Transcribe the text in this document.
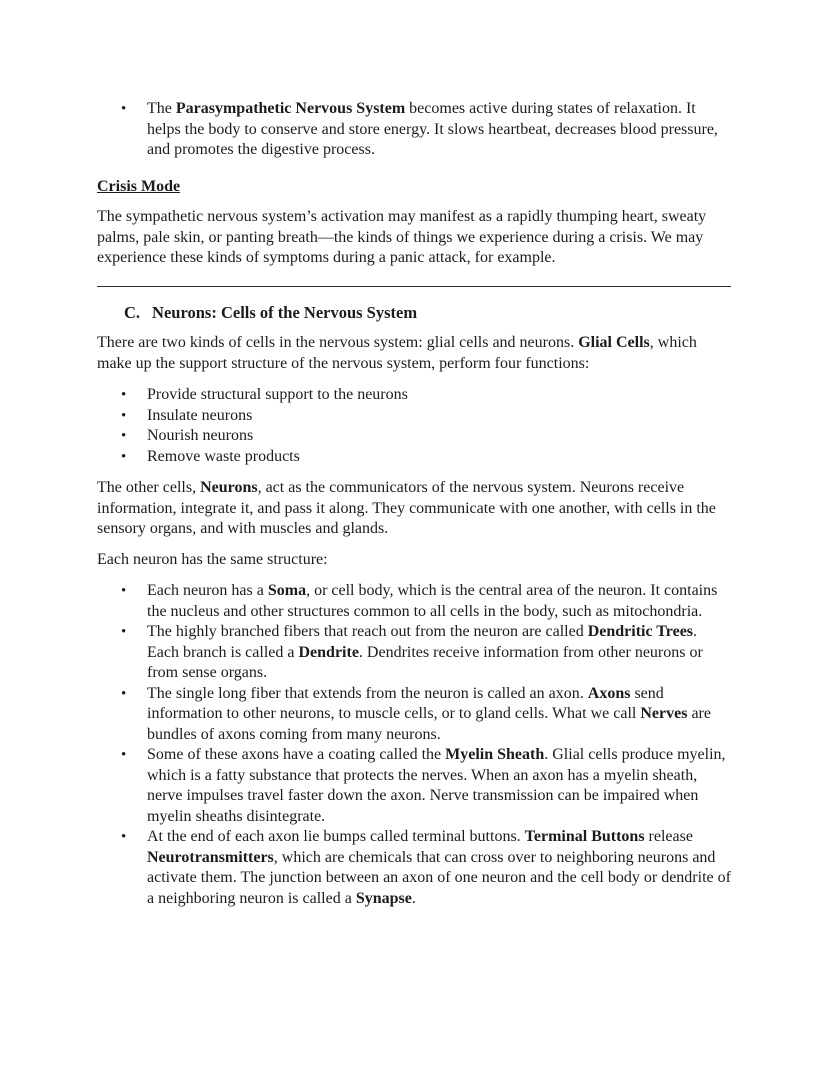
• The Parasympathetic Nervous System becomes active during states of relaxation. It helps the body to conserve and store energy. It slows heartbeat, decreases blood pressure, and promotes the digestive process.
Crisis Mode

The sympathetic nervous system’s activation may manifest as a rapidly thumping heart, sweaty palms, pale skin, or panting breath—the kinds of things we experience during a crisis. We may experience these kinds of symptoms during a panic attack, for example.

C. Neurons: Cells of the Nervous System

There are two kinds of cells in the nervous system: glial cells and neurons. Glial Cells, which make up the support structure of the nervous system, perform four functions:

• Provide structural support to the neurons
• Insulate neurons
• Nourish neurons
• Remove waste products

The other cells, Neurons, act as the communicators of the nervous system. Neurons receive information, integrate it, and pass it along. They communicate with one another, with cells in the sensory organs, and with muscles and glands.

Each neuron has the same structure:

• Each neuron has a Soma, or cell body, which is the central area of the neuron. It contains the nucleus and other structures common to all cells in the body, such as mitochondria.
• The highly branched fibers that reach out from the neuron are called Dendritic Trees. Each branch is called a Dendrite. Dendrites receive information from other neurons or from sense organs.
• The single long fiber that extends from the neuron is called an axon. Axons send information to other neurons, to muscle cells, or to gland cells. What we call Nerves are bundles of axons coming from many neurons.
• Some of these axons have a coating called the Myelin Sheath. Glial cells produce myelin, which is a fatty substance that protects the nerves. When an axon has a myelin sheath, nerve impulses travel faster down the axon. Nerve transmission can be impaired when myelin sheaths disintegrate.
• At the end of each axon lie bumps called terminal buttons. Terminal Buttons release Neurotransmitters, which are chemicals that can cross over to neighboring neurons and activate them. The junction between an axon of one neuron and the cell body or dendrite of a neighboring neuron is called a Synapse.
